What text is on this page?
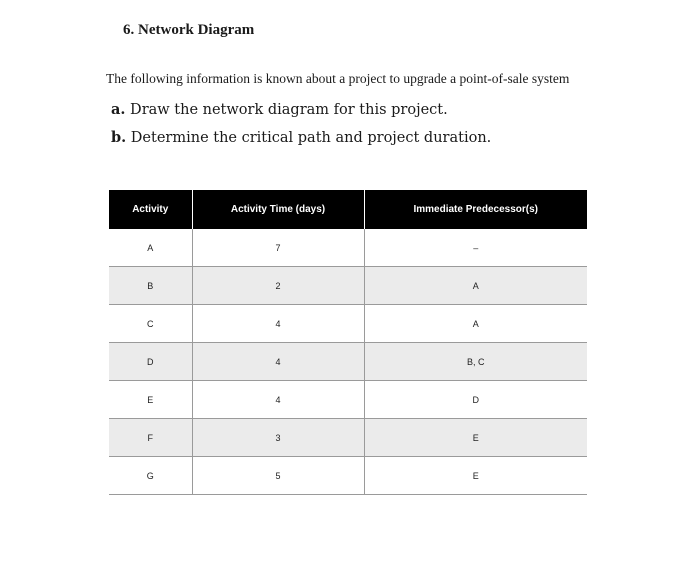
6. Network Diagram
The following information is known about a project to upgrade a point-of-sale system
a. Draw the network diagram for this project.
b. Determine the critical path and project duration.
Activity	Activity Time (days)	Immediate Predecessor(s)
A	7	–
B	2	A
C	4	A
D	4	B, C
E	4	D
F	3	E
G	5	E
